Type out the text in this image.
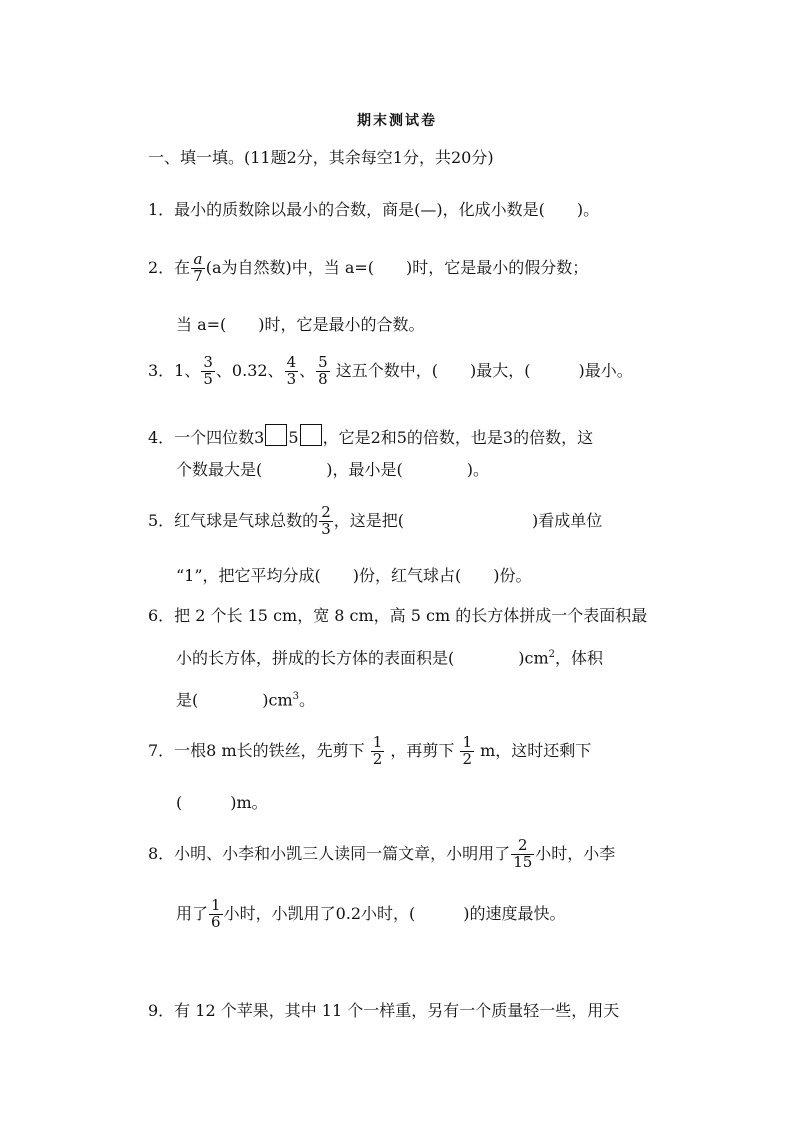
期末测试卷
一、填一填。(11题2分，其余每空1分，共20分)
1．最小的质数除以最小的合数，商是(—)，化成小数是(　　)。
2．在 $\frac{a}{7} (a$为自然数)中，当 a=(　　)时，它是最小的假分数；
当 a=(　　)时，它是最小的合数。
3．1、 $\frac{3}{5}$ 、0.32、 $\frac{4}{3}$ 、 $\frac{5}{8}$ 这五个数中，(　　)最大，(　　　)最小。
4．一个四位数3 5 ，它是2和5的倍数，也是3的倍数，这
个数最大是(　　　　)，最小是(　　　　)。
5．红气球是气球总数的 $\frac{2}{3}$ ，这是把(　　　　　　　　)看成单位
“1”，把它平均分成(　　)份，红气球占(　　)份。
6．把 2 个长 15 cm，宽 8 cm，高 5 cm 的长方体拼成一个表面积最
小的长方体，拼成的长方体的表面积是(　　　　)$cm^2$，体积
是(　　　　)$cm^3$。
7．一根8 m长的铁丝，先剪下 $\frac{1}{2}$ ，再剪下 $\frac{1}{2}$ m，这时还剩下
(　　　)m。
8．小明、小李和小凯三人读同一篇文章，小明用了 $\frac{2}{15}$ 小时，小李
用了 $\frac{1}{6}$ 小时，小凯用了0.2小时，(　　　)的速度最快。
9．有 12 个苹果，其中 11 个一样重，另有一个质量轻一些，用天
